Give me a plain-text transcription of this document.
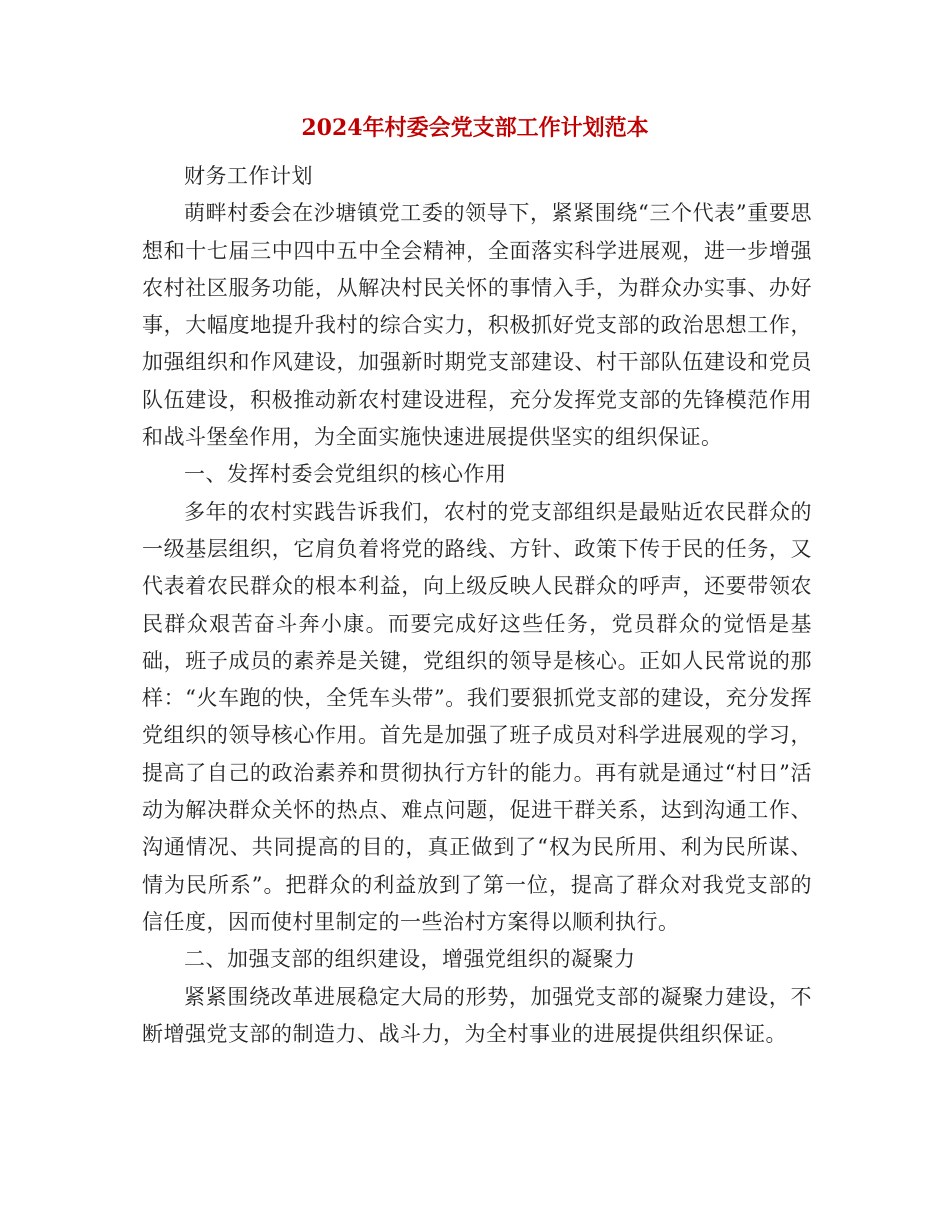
2024年村委会党支部工作计划范本

财务工作计划

萌畔村委会在沙塘镇党工委的领导下，紧紧围绕“三个代表”重要思想和十七届三中四中五中全会精神，全面落实科学进展观，进一步增强农村社区服务功能，从解决村民关怀的事情入手，为群众办实事、办好事，大幅度地提升我村的综合实力，积极抓好党支部的政治思想工作，加强组织和作风建设，加强新时期党支部建设、村干部队伍建设和党员队伍建设，积极推动新农村建设进程，充分发挥党支部的先锋模范作用和战斗堡垒作用，为全面实施快速进展提供坚实的组织保证。

一、发挥村委会党组织的核心作用

多年的农村实践告诉我们，农村的党支部组织是最贴近农民群众的一级基层组织，它肩负着将党的路线、方针、政策下传于民的任务，又代表着农民群众的根本利益，向上级反映人民群众的呼声，还要带领农民群众艰苦奋斗奔小康。而要完成好这些任务，党员群众的觉悟是基础，班子成员的素养是关键，党组织的领导是核心。正如人民常说的那样：“火车跑的快，全凭车头带”。我们要狠抓党支部的建设，充分发挥党组织的领导核心作用。首先是加强了班子成员对科学进展观的学习，提高了自己的政治素养和贯彻执行方针的能力。再有就是通过“村日”活动为解决群众关怀的热点、难点问题，促进干群关系，达到沟通工作、沟通情况、共同提高的目的，真正做到了“权为民所用、利为民所谋、情为民所系”。把群众的利益放到了第一位，提高了群众对我党支部的信任度，因而使村里制定的一些治村方案得以顺利执行。

二、加强支部的组织建设，增强党组织的凝聚力

紧紧围绕改革进展稳定大局的形势，加强党支部的凝聚力建设，不断增强党支部的制造力、战斗力，为全村事业的进展提供组织保证。
